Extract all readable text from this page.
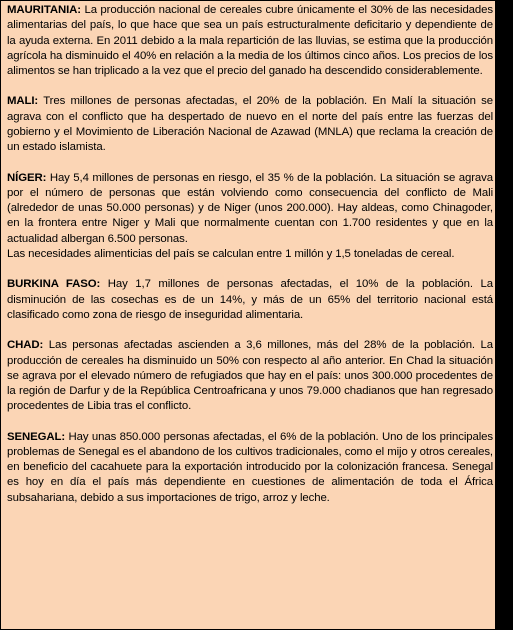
MAURITANIA: La producción nacional de cereales cubre únicamente el 30% de las necesidades alimentarias del país, lo que hace que sea un país estructuralmente deficitario y dependiente de la ayuda externa. En 2011 debido a la mala repartición de las lluvias, se estima que la producción agrícola ha disminuido el 40% en relación a la media de los últimos cinco años. Los precios de los alimentos se han triplicado a la vez que el precio del ganado ha descendido considerablemente.

MALI: Tres millones de personas afectadas, el 20% de la población. En Malí la situación se agrava con el conflicto que ha despertado de nuevo en el norte del país entre las fuerzas del gobierno y el Movimiento de Liberación Nacional de Azawad (MNLA) que reclama la creación de un estado islamista.

NÍGER: Hay 5,4 millones de personas en riesgo, el 35 % de la población. La situación se agrava por el número de personas que están volviendo como consecuencia del conflicto de Mali (alrededor de unas 50.000 personas) y de Niger (unos 200.000). Hay aldeas, como Chinagoder, en la frontera entre Niger y Mali que normalmente cuentan con 1.700 residentes y que en la actualidad albergan 6.500 personas.
Las necesidades alimenticias del país se calculan entre 1 millón y 1,5 toneladas de cereal.

BURKINA FASO: Hay 1,7 millones de personas afectadas, el 10% de la población. La disminución de las cosechas es de un 14%, y más de un 65% del territorio nacional está clasificado como zona de riesgo de inseguridad alimentaria.

CHAD: Las personas afectadas ascienden a 3,6 millones, más del 28% de la población. La producción de cereales ha disminuido un 50% con respecto al año anterior. En Chad la situación se agrava por el elevado número de refugiados que hay en el país: unos 300.000 procedentes de la región de Darfur y de la República Centroafricana y unos 79.000 chadianos que han regresado procedentes de Libia tras el conflicto.

SENEGAL: Hay unas 850.000 personas afectadas, el 6% de la población. Uno de los principales problemas de Senegal es el abandono de los cultivos tradicionales, como el mijo y otros cereales, en beneficio del cacahuete para la exportación introducido por la colonización francesa. Senegal es hoy en día el país más dependiente en cuestiones de alimentación de toda el África subsahariana, debido a sus importaciones de trigo, arroz y leche.
